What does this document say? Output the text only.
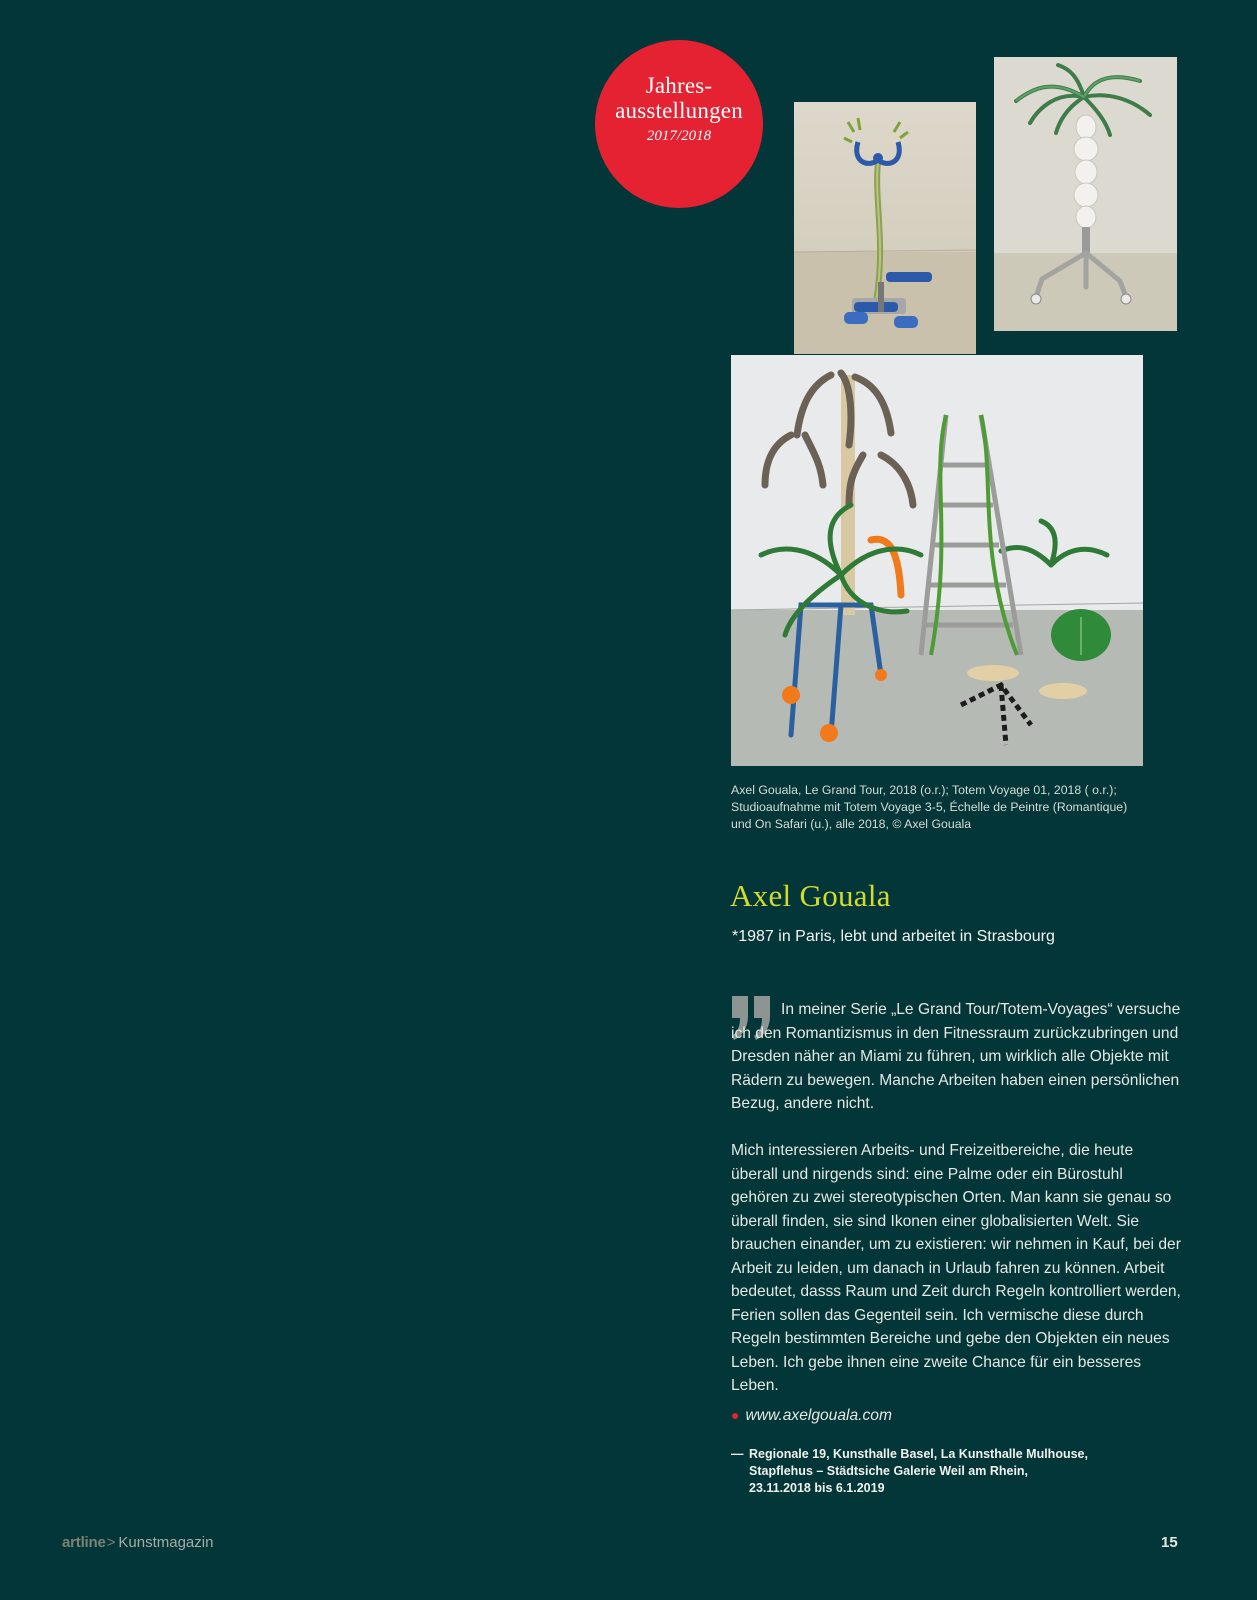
Jahres-
ausstellungen
2017/2018
Axel Gouala, Le Grand Tour, 2018 (o.r.); Totem Voyage 01, 2018 ( o.r.);
Studioaufnahme mit Totem Voyage 3-5, Échelle de Peintre (Romantique)
und On Safari (u.), alle 2018, © Axel Gouala
Axel Gouala
*1987 in Paris, lebt und arbeitet in Strasbourg

In meiner Serie „Le Grand Tour/Totem-Voyages“ versuche ich den Romantizismus in den Fitnessraum zurückzubringen und Dresden näher an Miami zu führen, um wirklich alle Objekte mit Rädern zu bewegen. Manche Arbeiten haben einen persönlichen Bezug, andere nicht.

Mich interessieren Arbeits- und Freizeitbereiche, die heute überall und nirgends sind: eine Palme oder ein Bürostuhl gehören zu zwei stereotypischen Orten. Man kann sie genau so überall finden, sie sind Ikonen einer globalisierten Welt. Sie brauchen einander, um zu existieren: wir nehmen in Kauf, bei der Arbeit zu leiden, um danach in Urlaub fahren zu können. Arbeit bedeutet, dasss Raum und Zeit durch Regeln kontrolliert werden, Ferien sollen das Gegenteil sein. Ich vermische diese durch Regeln bestimmten Bereiche und gebe den Objekten ein neues Leben. Ich gebe ihnen eine zweite Chance für ein besseres Leben.

● www.axelgouala.com
— Regionale 19, Kunsthalle Basel, La Kunsthalle Mulhouse,
Stapflehus – Städtsiche Galerie Weil am Rhein,
23.11.2018 bis 6.1.2019
artline> Kunstmagazin	15
